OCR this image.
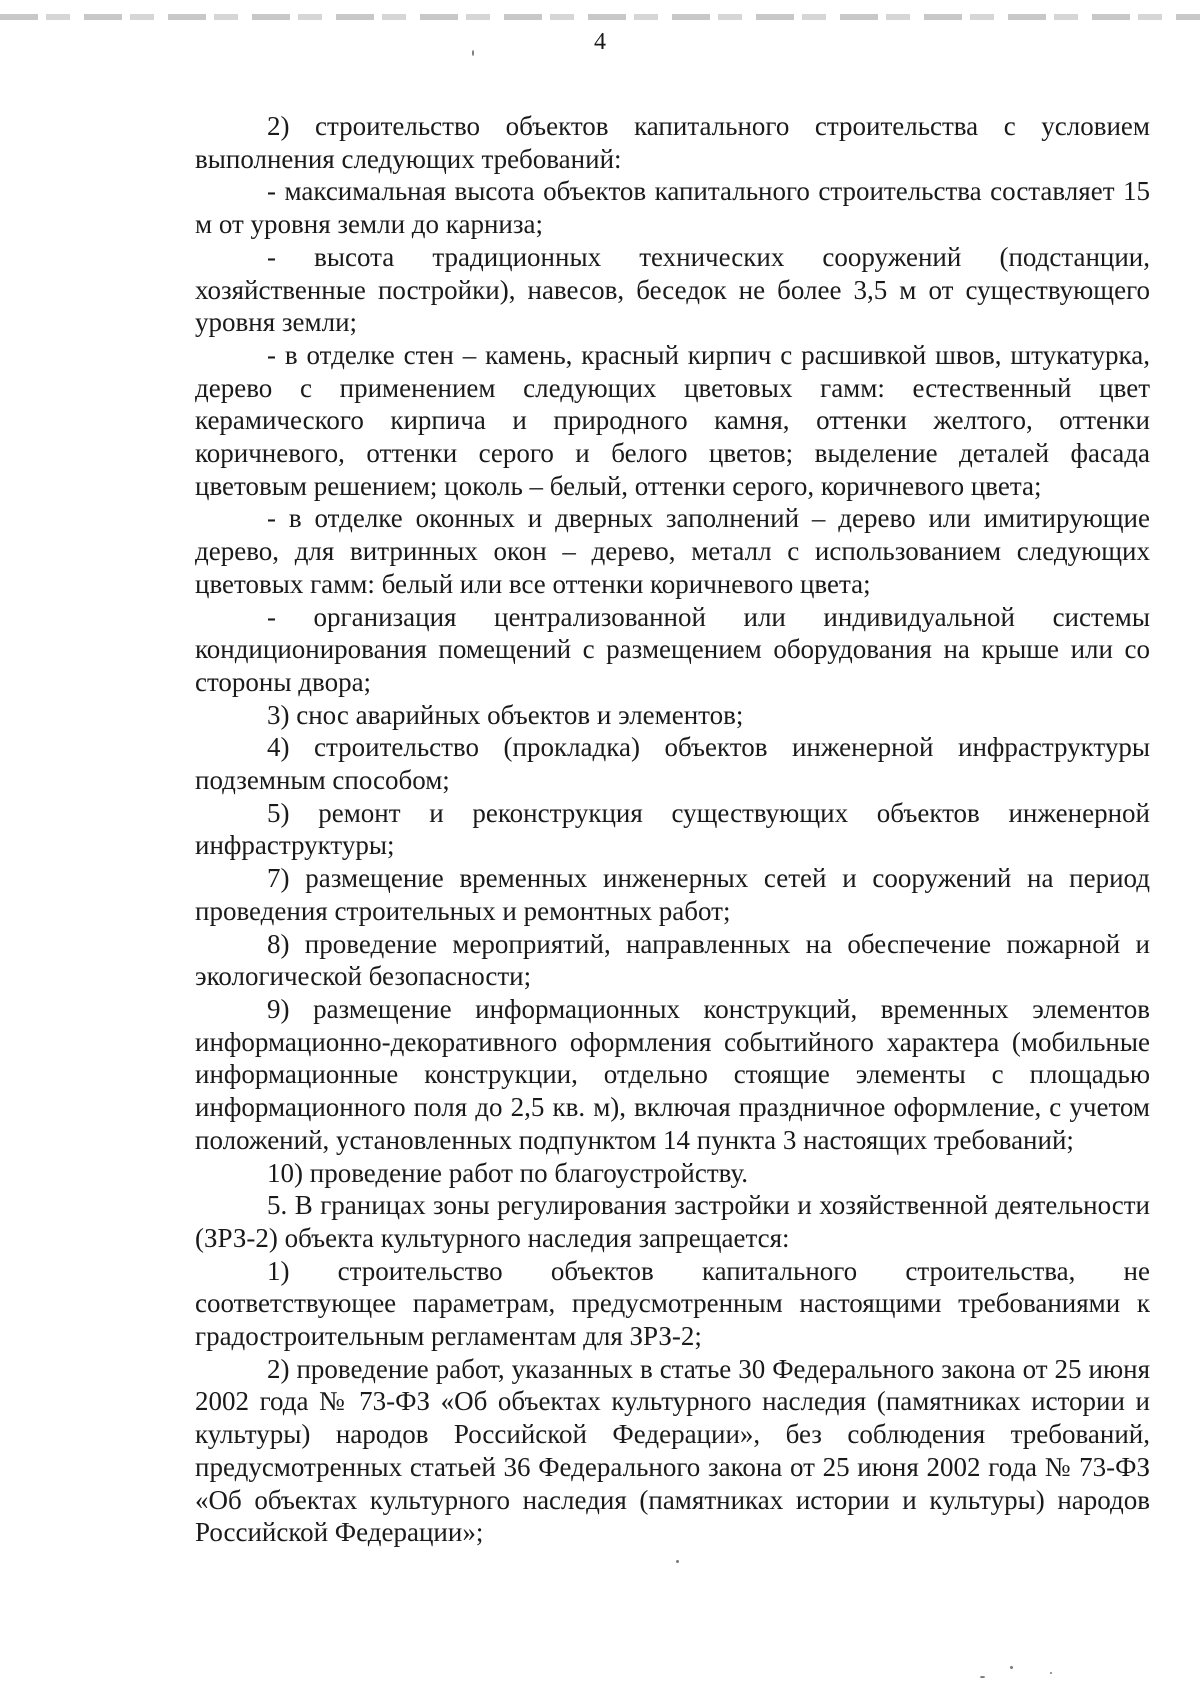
4

2) строительство объектов капитального строительства с условием выполнения следующих требований:

- максимальная высота объектов капитального строительства составляет 15 м от уровня земли до карниза;

- высота традиционных технических сооружений (подстанции, хозяйственные постройки), навесов, беседок не более 3,5 м от существующего уровня земли;

- в отделке стен – камень, красный кирпич с расшивкой швов, штукатурка, дерево с применением следующих цветовых гамм: естественный цвет керамического кирпича и природного камня, оттенки желтого, оттенки коричневого, оттенки серого и белого цветов; выделение деталей фасада цветовым решением; цоколь – белый, оттенки серого, коричневого цвета;

- в отделке оконных и дверных заполнений – дерево или имитирующие дерево, для витринных окон – дерево, металл с использованием следующих цветовых гамм: белый или все оттенки коричневого цвета;

- организация централизованной или индивидуальной системы кондиционирования помещений с размещением оборудования на крыше или со стороны двора;

3) снос аварийных объектов и элементов;

4) строительство (прокладка) объектов инженерной инфраструктуры подземным способом;

5) ремонт и реконструкция существующих объектов инженерной инфраструктуры;

7) размещение временных инженерных сетей и сооружений на период проведения строительных и ремонтных работ;

8) проведение мероприятий, направленных на обеспечение пожарной и экологической безопасности;

9) размещение информационных конструкций, временных элементов информационно-декоративного оформления событийного характера (мобильные информационные конструкции, отдельно стоящие элементы с площадью информационного поля до 2,5 кв. м), включая праздничное оформление, с учетом положений, установленных подпунктом 14 пункта 3 настоящих требований;

10) проведение работ по благоустройству.

5. В границах зоны регулирования застройки и хозяйственной деятельности (ЗРЗ-2) объекта культурного наследия запрещается:

1) строительство объектов капитального строительства, не соответствующее параметрам, предусмотренным настоящими требованиями к градостроительным регламентам для ЗРЗ-2;

2) проведение работ, указанных в статье 30 Федерального закона от 25 июня 2002 года № 73-ФЗ «Об объектах культурного наследия (памятниках истории и культуры) народов Российской Федерации», без соблюдения требований, предусмотренных статьей 36 Федерального закона от 25 июня 2002 года № 73-ФЗ «Об объектах культурного наследия (памятниках истории и культуры) народов Российской Федерации»;
